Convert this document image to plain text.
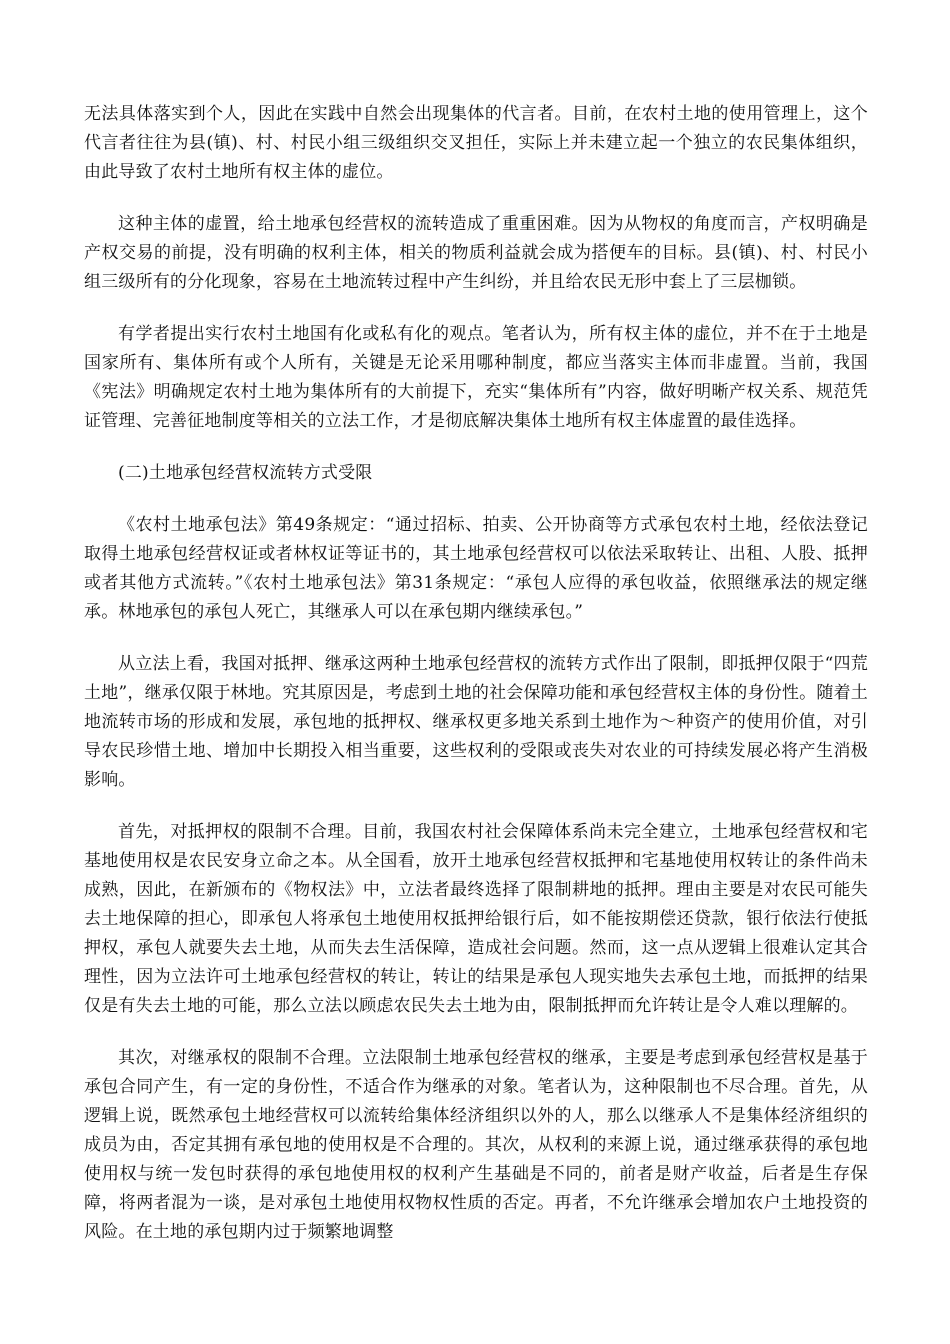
无法具体落实到个人，因此在实践中自然会出现集体的代言者。目前，在农村土地的使用管理上，这个代言者往往为县(镇)、村、村民小组三级组织交叉担任，实际上并未建立起一个独立的农民集体组织，由此导致了农村土地所有权主体的虚位。

这种主体的虚置，给土地承包经营权的流转造成了重重困难。因为从物权的角度而言，产权明确是产权交易的前提，没有明确的权利主体，相关的物质利益就会成为搭便车的目标。县(镇)、村、村民小组三级所有的分化现象，容易在土地流转过程中产生纠纷，并且给农民无形中套上了三层枷锁。

有学者提出实行农村土地国有化或私有化的观点。笔者认为，所有权主体的虚位，并不在于土地是国家所有、集体所有或个人所有，关键是无论采用哪种制度，都应当落实主体而非虚置。当前，我国《宪法》明确规定农村土地为集体所有的大前提下，充实“集体所有”内容，做好明晰产权关系、规范凭证管理、完善征地制度等相关的立法工作，才是彻底解决集体土地所有权主体虚置的最佳选择。

(二)土地承包经营权流转方式受限

《农村土地承包法》第49条规定：“通过招标、拍卖、公开协商等方式承包农村土地，经依法登记取得土地承包经营权证或者林权证等证书的，其土地承包经营权可以依法采取转让、出租、人股、抵押或者其他方式流转。”《农村土地承包法》第31条规定：“承包人应得的承包收益，依照继承法的规定继承。林地承包的承包人死亡，其继承人可以在承包期内继续承包。”

从立法上看，我国对抵押、继承这两种土地承包经营权的流转方式作出了限制，即抵押仅限于“四荒土地”，继承仅限于林地。究其原因是，考虑到土地的社会保障功能和承包经营权主体的身份性。随着土地流转市场的形成和发展，承包地的抵押权、继承权更多地关系到土地作为～种资产的使用价值，对引导农民珍惜土地、增加中长期投入相当重要，这些权利的受限或丧失对农业的可持续发展必将产生消极影响。

首先，对抵押权的限制不合理。目前，我国农村社会保障体系尚未完全建立，土地承包经营权和宅基地使用权是农民安身立命之本。从全国看，放开土地承包经营权抵押和宅基地使用权转让的条件尚未成熟，因此，在新颁布的《物权法》中，立法者最终选择了限制耕地的抵押。理由主要是对农民可能失去土地保障的担心，即承包人将承包土地使用权抵押给银行后，如不能按期偿还贷款，银行依法行使抵押权，承包人就要失去土地，从而失去生活保障，造成社会问题。然而，这一点从逻辑上很难认定其合理性，因为立法许可土地承包经营权的转让，转让的结果是承包人现实地失去承包土地，而抵押的结果仅是有失去土地的可能，那么立法以顾虑农民失去土地为由，限制抵押而允许转让是令人难以理解的。

其次，对继承权的限制不合理。立法限制土地承包经营权的继承，主要是考虑到承包经营权是基于承包合同产生，有一定的身份性，不适合作为继承的对象。笔者认为，这种限制也不尽合理。首先，从逻辑上说，既然承包土地经营权可以流转给集体经济组织以外的人，那么以继承人不是集体经济组织的成员为由，否定其拥有承包地的使用权是不合理的。其次，从权利的来源上说，通过继承获得的承包地使用权与统一发包时获得的承包地使用权的权利产生基础是不同的，前者是财产收益，后者是生存保障，将两者混为一谈，是对承包土地使用权物权性质的否定。再者，不允许继承会增加农户土地投资的风险。在土地的承包期内过于频繁地调整
